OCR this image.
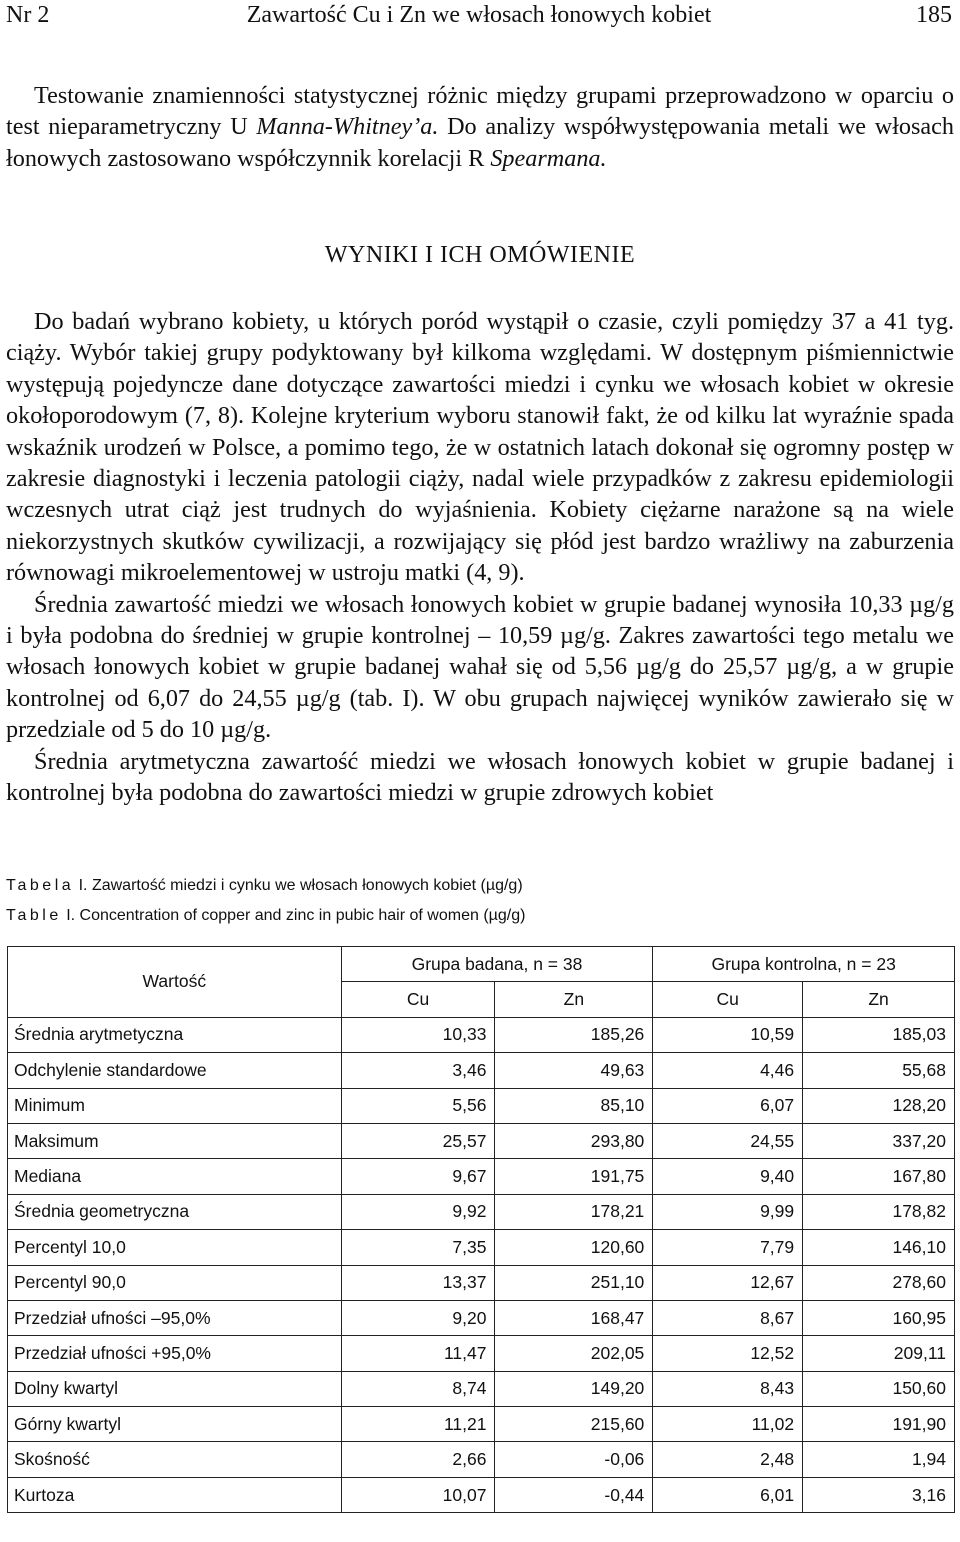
Nr 2	Zawartość Cu i Zn we włosach łonowych kobiet	185

Testowanie znamienności statystycznej różnic między grupami przeprowadzono w oparciu o test nieparametryczny U Manna-Whitney’a. Do analizy współwystępowania metali we włosach łonowych zastosowano współczynnik korelacji R Spearmana.

WYNIKI I ICH OMÓWIENIE

Do badań wybrano kobiety, u których poród wystąpił o czasie, czyli pomiędzy 37 a 41 tyg. ciąży. Wybór takiej grupy podyktowany był kilkoma względami. W dostępnym piśmiennictwie występują pojedyncze dane dotyczące zawartości miedzi i cynku we włosach kobiet w okresie okołoporodowym (7, 8). Kolejne kryterium wyboru stanowił fakt, że od kilku lat wyraźnie spada wskaźnik urodzeń w Polsce, a pomimo tego, że w ostatnich latach dokonał się ogromny postęp w zakresie diagnostyki i leczenia patologii ciąży, nadal wiele przypadków z zakresu epidemiologii wczesnych utrat ciąż jest trudnych do wyjaśnienia. Kobiety ciężarne narażone są na wiele niekorzystnych skutków cywilizacji, a rozwijający się płód jest bardzo wrażliwy na zaburzenia równowagi mikroelementowej w ustroju matki (4, 9).

Średnia zawartość miedzi we włosach łonowych kobiet w grupie badanej wynosiła 10,33 µg/g i była podobna do średniej w grupie kontrolnej – 10,59 µg/g. Zakres zawartości tego metalu we włosach łonowych kobiet w grupie badanej wahał się od 5,56 µg/g do 25,57 µg/g, a w grupie kontrolnej od 6,07 do 24,55 µg/g (tab. I). W obu grupach najwięcej wyników zawierało się w przedziale od 5 do 10 µg/g.

Średnia arytmetyczna zawartość miedzi we włosach łonowych kobiet w grupie badanej i kontrolnej była podobna do zawartości miedzi w grupie zdrowych kobiet

Tabela I. Zawartość miedzi i cynku we włosach łonowych kobiet (µg/g)
Table I. Concentration of copper and zinc in pubic hair of women (µg/g)
Wartość	Grupa badana, n = 38		Grupa kontrolna, n = 23	
	Cu	Zn	Cu	Zn
Średnia arytmetyczna	10,33	185,26	10,59	185,03
Odchylenie standardowe	3,46	49,63	4,46	55,68
Minimum	5,56	85,10	6,07	128,20
Maksimum	25,57	293,80	24,55	337,20
Mediana	9,67	191,75	9,40	167,80
Średnia geometryczna	9,92	178,21	9,99	178,82
Percentyl 10,0	7,35	120,60	7,79	146,10
Percentyl 90,0	13,37	251,10	12,67	278,60
Przedział ufności –95,0%	9,20	168,47	8,67	160,95
Przedział ufności +95,0%	11,47	202,05	12,52	209,11
Dolny kwartyl	8,74	149,20	8,43	150,60
Górny kwartyl	11,21	215,60	11,02	191,90
Skośność	2,66	-0,06	2,48	1,94
Kurtoza	10,07	-0,44	6,01	3,16
